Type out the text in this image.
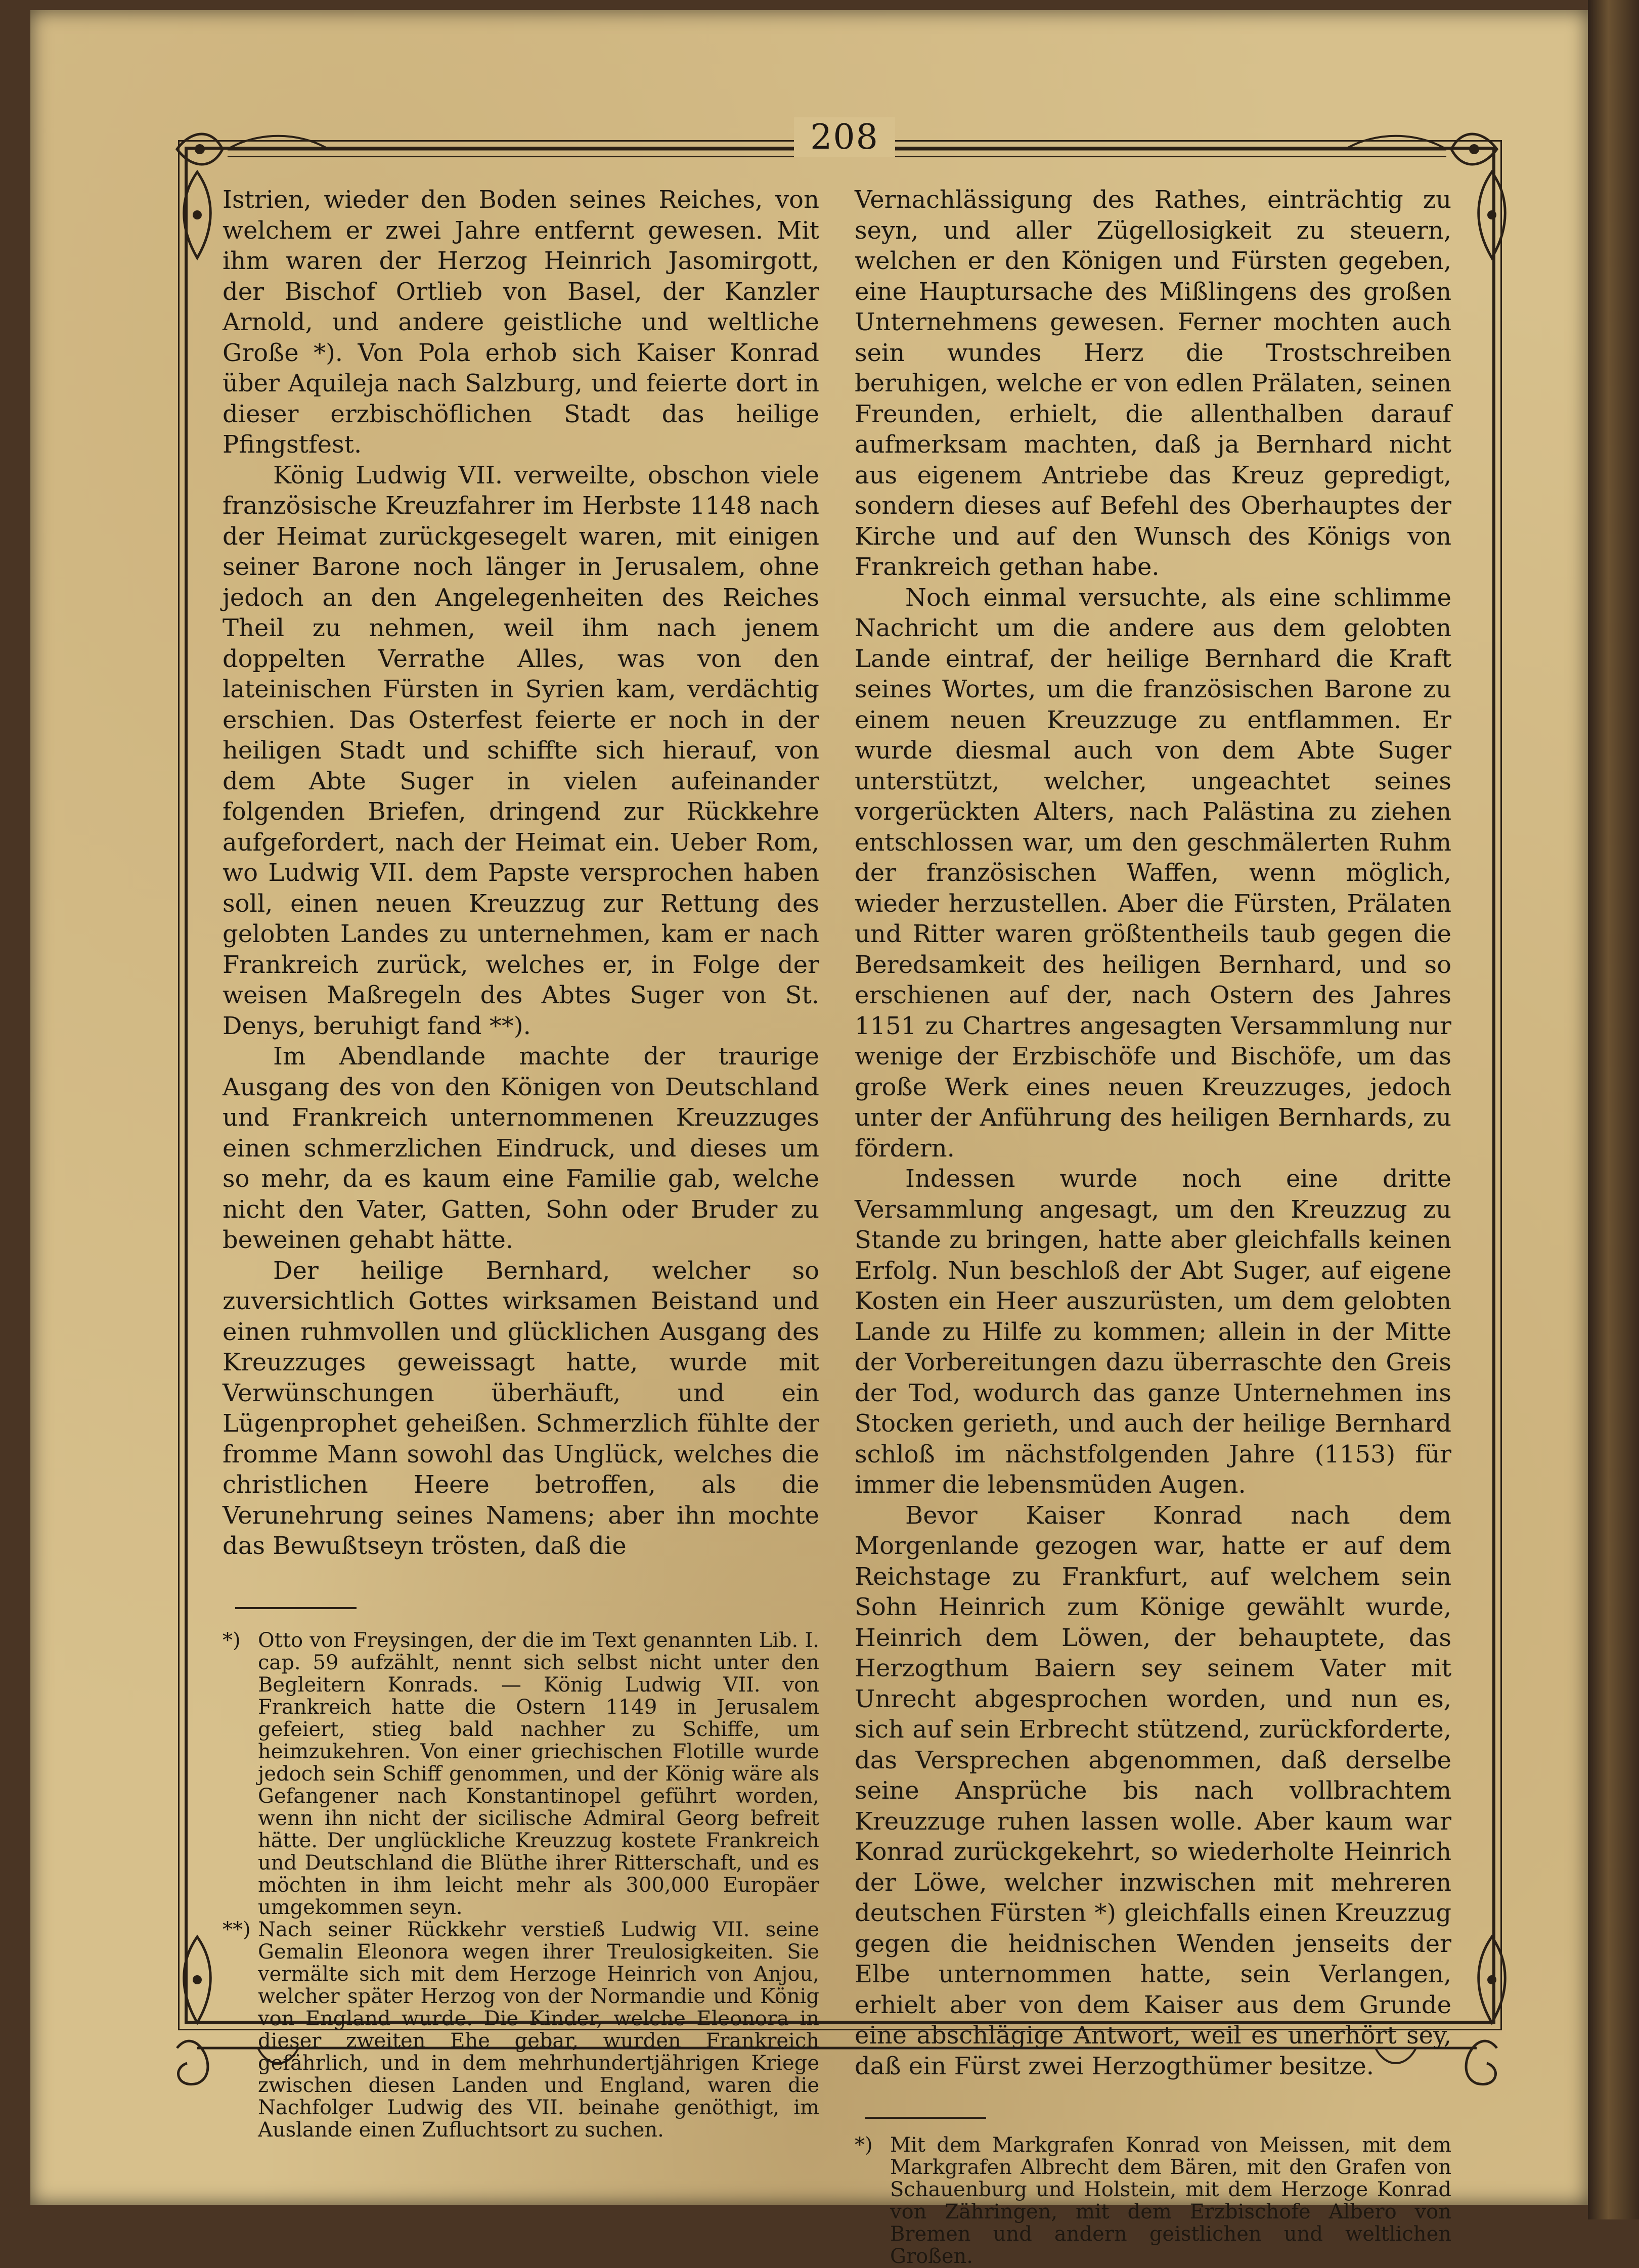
208

Istrien, wieder den Boden seines Reiches, von welchem er zwei Jahre entfernt gewesen. Mit ihm waren der Herzog Heinrich Jasomirgott, der Bischof Ortlieb von Basel, der Kanzler Arnold, und andere geistliche und weltliche Große *). Von Pola erhob sich Kaiser Konrad über Aquileja nach Salzburg, und feierte dort in dieser erzbischöflichen Stadt das heilige Pfingstfest.

König Ludwig VII. verweilte, obschon viele französische Kreuzfahrer im Herbste 1148 nach der Heimat zurückgesegelt waren, mit einigen seiner Barone noch länger in Jerusalem, ohne jedoch an den Angelegenheiten des Reiches Theil zu nehmen, weil ihm nach jenem doppelten Verrathe Alles, was von den lateinischen Fürsten in Syrien kam, verdächtig erschien. Das Osterfest feierte er noch in der heiligen Stadt und schiffte sich hierauf, von dem Abte Suger in vielen aufeinander folgenden Briefen, dringend zur Rückkehre aufgefordert, nach der Heimat ein. Ueber Rom, wo Ludwig VII. dem Papste versprochen haben soll, einen neuen Kreuzzug zur Rettung des gelobten Landes zu unternehmen, kam er nach Frankreich zurück, welches er, in Folge der weisen Maßregeln des Abtes Suger von St. Denys, beruhigt fand **).

Im Abendlande machte der traurige Ausgang des von den Königen von Deutschland und Frankreich unternommenen Kreuzzuges einen schmerzlichen Eindruck, und dieses um so mehr, da es kaum eine Familie gab, welche nicht den Vater, Gatten, Sohn oder Bruder zu beweinen gehabt hätte.

Der heilige Bernhard, welcher so zuversichtlich Gottes wirksamen Beistand und einen ruhmvollen und glücklichen Ausgang des Kreuzzuges geweissagt hatte, wurde mit Verwünschungen überhäuft, und ein Lügenprophet geheißen. Schmerzlich fühlte der fromme Mann sowohl das Unglück, welches die christlichen Heere betroffen, als die Verunehrung seines Namens; aber ihn mochte das Bewußtseyn trösten, daß die

*) Otto von Freysingen, der die im Text genannten Lib. I. cap. 59 aufzählt, nennt sich selbst nicht unter den Begleitern Konrads. — König Ludwig VII. von Frankreich hatte die Ostern 1149 in Jerusalem gefeiert, stieg bald nachher zu Schiffe, um heimzukehren. Von einer griechischen Flotille wurde jedoch sein Schiff genommen, und der König wäre als Gefangener nach Konstantinopel geführt worden, wenn ihn nicht der sicilische Admiral Georg befreit hätte. Der unglückliche Kreuzzug kostete Frankreich und Deutschland die Blüthe ihrer Ritterschaft, und es möchten in ihm leicht mehr als 300,000 Europäer umgekommen seyn.

**) Nach seiner Rückkehr verstieß Ludwig VII. seine Gemalin Eleonora wegen ihrer Treulosigkeiten. Sie vermälte sich mit dem Herzoge Heinrich von Anjou, welcher später Herzog von der Normandie und König von England wurde. Die Kinder, welche Eleonora in dieser zweiten Ehe gebar, wurden Frankreich gefährlich, und in dem mehrhundertjährigen Kriege zwischen diesen Landen und England, waren die Nachfolger Ludwig des VII. beinahe genöthigt, im Auslande einen Zufluchtsort zu suchen.

Vernachlässigung des Rathes, einträchtig zu seyn, und aller Zügellosigkeit zu steuern, welchen er den Königen und Fürsten gegeben, eine Hauptursache des Mißlingens des großen Unternehmens gewesen. Ferner mochten auch sein wundes Herz die Trostschreiben beruhigen, welche er von edlen Prälaten, seinen Freunden, erhielt, die allenthalben darauf aufmerksam machten, daß ja Bernhard nicht aus eigenem Antriebe das Kreuz gepredigt, sondern dieses auf Befehl des Oberhauptes der Kirche und auf den Wunsch des Königs von Frankreich gethan habe.

Noch einmal versuchte, als eine schlimme Nachricht um die andere aus dem gelobten Lande eintraf, der heilige Bernhard die Kraft seines Wortes, um die französischen Barone zu einem neuen Kreuzzuge zu entflammen. Er wurde diesmal auch von dem Abte Suger unterstützt, welcher, ungeachtet seines vorgerückten Alters, nach Palästina zu ziehen entschlossen war, um den geschmälerten Ruhm der französischen Waffen, wenn möglich, wieder herzustellen. Aber die Fürsten, Prälaten und Ritter waren größtentheils taub gegen die Beredsamkeit des heiligen Bernhard, und so erschienen auf der, nach Ostern des Jahres 1151 zu Chartres angesagten Versammlung nur wenige der Erzbischöfe und Bischöfe, um das große Werk eines neuen Kreuzzuges, jedoch unter der Anführung des heiligen Bernhards, zu fördern.

Indessen wurde noch eine dritte Versammlung angesagt, um den Kreuzzug zu Stande zu bringen, hatte aber gleichfalls keinen Erfolg. Nun beschloß der Abt Suger, auf eigene Kosten ein Heer auszurüsten, um dem gelobten Lande zu Hilfe zu kommen; allein in der Mitte der Vorbereitungen dazu überraschte den Greis der Tod, wodurch das ganze Unternehmen ins Stocken gerieth, und auch der heilige Bernhard schloß im nächstfolgenden Jahre (1153) für immer die lebensmüden Augen.

Bevor Kaiser Konrad nach dem Morgenlande gezogen war, hatte er auf dem Reichstage zu Frankfurt, auf welchem sein Sohn Heinrich zum Könige gewählt wurde, Heinrich dem Löwen, der behauptete, das Herzogthum Baiern sey seinem Vater mit Unrecht abgesprochen worden, und nun es, sich auf sein Erbrecht stützend, zurückforderte, das Versprechen abgenommen, daß derselbe seine Ansprüche bis nach vollbrachtem Kreuzzuge ruhen lassen wolle. Aber kaum war Konrad zurückgekehrt, so wiederholte Heinrich der Löwe, welcher inzwischen mit mehreren deutschen Fürsten *) gleichfalls einen Kreuzzug gegen die heidnischen Wenden jenseits der Elbe unternommen hatte, sein Verlangen, erhielt aber von dem Kaiser aus dem Grunde eine abschlägige Antwort, weil es unerhört sey, daß ein Fürst zwei Herzogthümer besitze.

*) Mit dem Markgrafen Konrad von Meissen, mit dem Markgrafen Albrecht dem Bären, mit den Grafen von Schauenburg und Holstein, mit dem Herzoge Konrad von Zähringen, mit dem Erzbischofe Albero von Bremen und andern geistlichen und weltlichen Großen.
